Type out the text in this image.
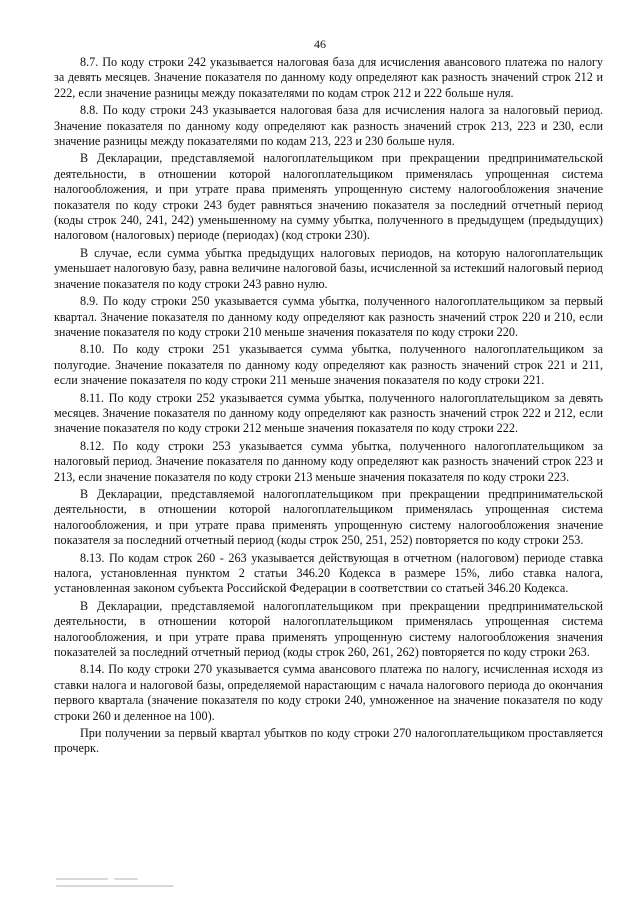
46

8.7. По коду строки 242 указывается налоговая база для исчисления авансового платежа по налогу за девять месяцев. Значение показателя по данному коду определяют как разность значений строк 212 и 222, если значение разницы между показателями по кодам строк 212 и 222 больше нуля.

8.8. По коду строки 243 указывается налоговая база для исчисления налога за налоговый период. Значение показателя по данному коду определяют как разность значений строк 213, 223 и 230, если значение разницы между показателями по кодам 213, 223 и 230 больше нуля.

В Декларации, представляемой налогоплательщиком при прекращении предпринимательской деятельности, в отношении которой налогоплательщиком применялась упрощенная система налогообложения, и при утрате права применять упрощенную систему налогообложения значение показателя по коду строки 243 будет равняться значению показателя за последний отчетный период (коды строк 240, 241, 242) уменьшенному на сумму убытка, полученного в предыдущем (предыдущих) налоговом (налоговых) периоде (периодах) (код строки 230).

В случае, если сумма убытка предыдущих налоговых периодов, на которую налогоплательщик уменьшает налоговую базу, равна величине налоговой базы, исчисленной за истекший налоговый период значение показателя по коду строки 243 равно нулю.

8.9. По коду строки 250 указывается сумма убытка, полученного налогоплательщиком за первый квартал. Значение показателя по данному коду определяют как разность значений строк 220 и 210, если значение показателя по коду строки 210 меньше значения показателя по коду строки 220.

8.10. По коду строки 251 указывается сумма убытка, полученного налогоплательщиком за полугодие. Значение показателя по данному коду определяют как разность значений строк 221 и 211, если значение показателя по коду строки 211 меньше значения показателя по коду строки 221.

8.11. По коду строки 252 указывается сумма убытка, полученного налогоплательщиком за девять месяцев. Значение показателя по данному коду определяют как разность значений строк 222 и 212, если значение показателя по коду строки 212 меньше значения показателя по коду строки 222.

8.12. По коду строки 253 указывается сумма убытка, полученного налогоплательщиком за налоговый период. Значение показателя по данному коду определяют как разность значений строк 223 и 213, если значение показателя по коду строки 213 меньше значения показателя по коду строки 223.

В Декларации, представляемой налогоплательщиком при прекращении предпринимательской деятельности, в отношении которой налогоплательщиком применялась упрощенная система налогообложения, и при утрате права применять упрощенную систему налогообложения значение показателя за последний отчетный период (коды строк 250, 251, 252) повторяется по коду строки 253.

8.13. По кодам строк 260 - 263 указывается действующая в отчетном (налоговом) периоде ставка налога, установленная пунктом 2 статьи 346.20 Кодекса в размере 15%, либо ставка налога, установленная законом субъекта Российской Федерации в соответствии со статьей 346.20 Кодекса.

В Декларации, представляемой налогоплательщиком при прекращении предпринимательской деятельности, в отношении которой налогоплательщиком применялась упрощенная система налогообложения, и при утрате права применять упрощенную систему налогообложения значения показателей за последний отчетный период (коды строк 260, 261, 262) повторяется по коду строки 263.

8.14. По коду строки 270 указывается сумма авансового платежа по налогу, исчисленная исходя из ставки налога и налоговой базы, определяемой нарастающим с начала налогового периода до окончания первого квартала (значение показателя по коду строки 240, умноженное на значение показателя по коду строки 260 и деленное на 100).

При получении за первый квартал убытков по коду строки 270 налогоплательщиком проставляется прочерк.
